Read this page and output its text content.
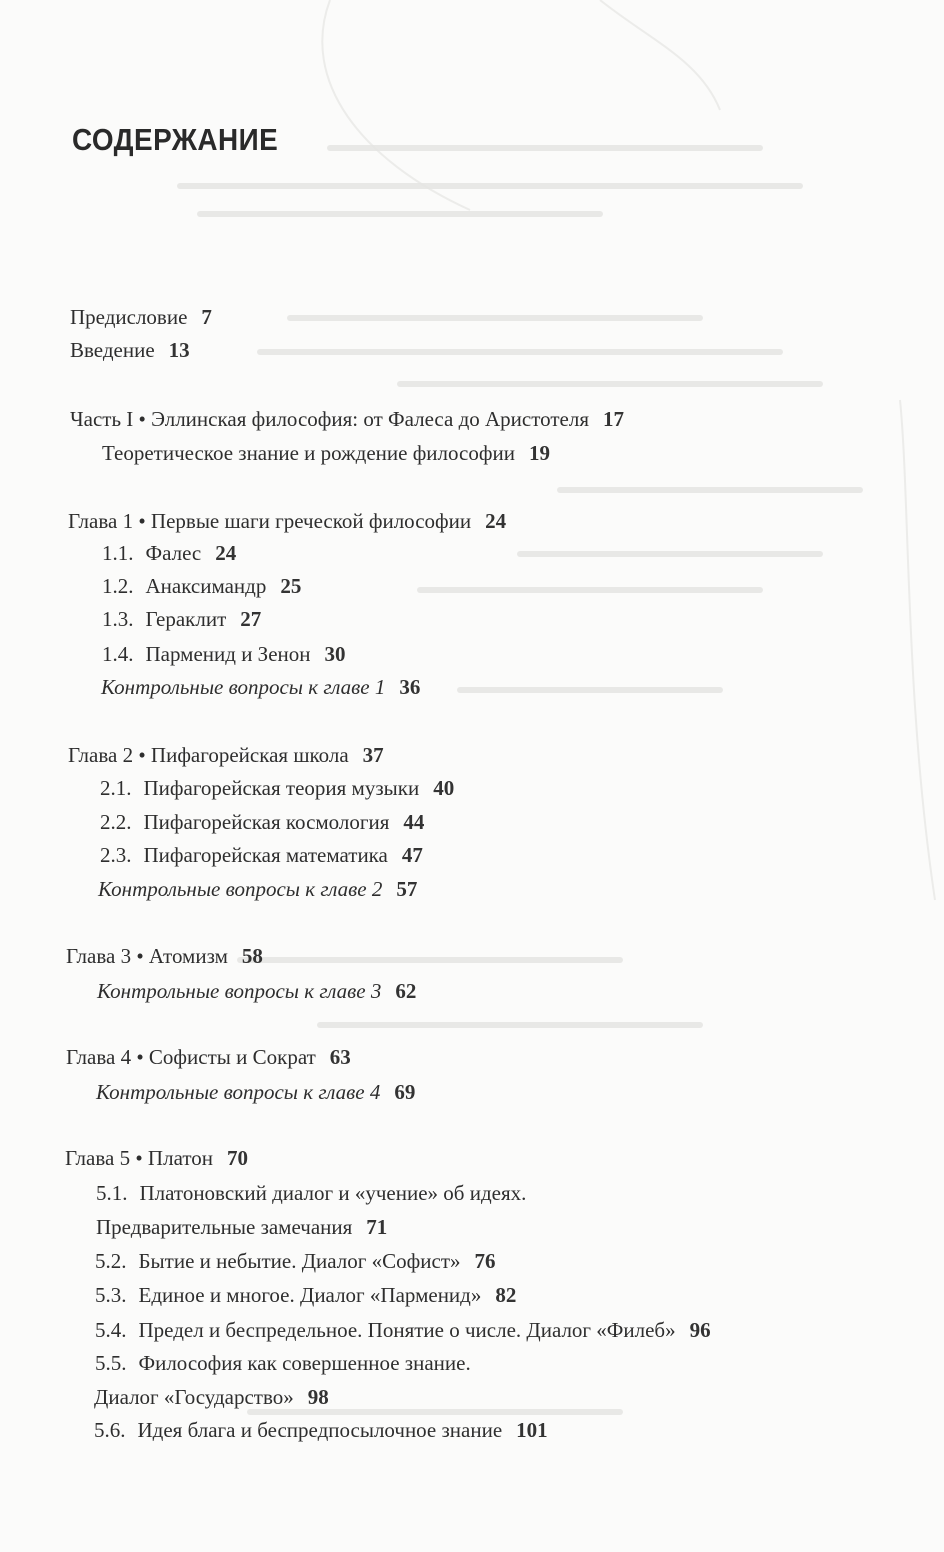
СОДЕРЖАНИЕ
Предисловие 7
Введение 13
Часть I • Эллинская философия: от Фалеса до Аристотеля 17
Теоретическое знание и рождение философии 19
Глава 1 • Первые шаги греческой философии 24
1.1. Фалес 24
1.2. Анаксимандр 25
1.3. Гераклит 27
1.4. Парменид и Зенон 30
Контрольные вопросы к главе 1 36
Глава 2 • Пифагорейская школа 37
2.1. Пифагорейская теория музыки 40
2.2. Пифагорейская космология 44
2.3. Пифагорейская математика 47
Контрольные вопросы к главе 2 57
Глава 3 • Атомизм 58
Контрольные вопросы к главе 3 62
Глава 4 • Софисты и Сократ 63
Контрольные вопросы к главе 4 69
Глава 5 • Платон 70
5.1. Платоновский диалог и «учение» об идеях.
Предварительные замечания 71
5.2. Бытие и небытие. Диалог «Софист» 76
5.3. Единое и многое. Диалог «Парменид» 82
5.4. Предел и беспредельное. Понятие о числе. Диалог «Филеб» 96
5.5. Философия как совершенное знание.
Диалог «Государство» 98
5.6. Идея блага и беспредпосылочное знание 101
